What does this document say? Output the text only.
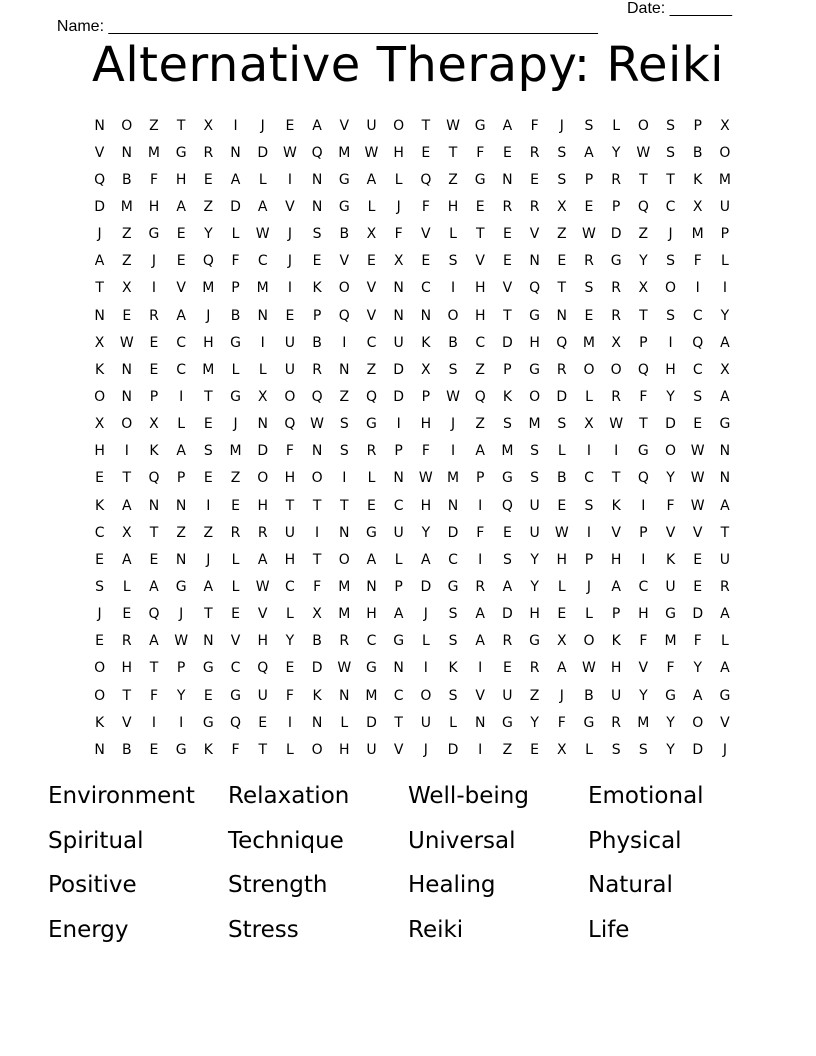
Name: _______________________________________________________

Date: _______

Alternative Therapy: Reiki
N	O	Z	T	X	I	J	E	A	V	U	O	T	W	G	A	F	J	S	L	O	S	P	X
V	N	M	G	R	N	D	W	Q	M	W	H	E	T	F	E	R	S	A	Y	W	S	B	O
Q	B	F	H	E	A	L	I	N	G	A	L	Q	Z	G	N	E	S	P	R	T	T	K	M
D	M	H	A	Z	D	A	V	N	G	L	J	F	H	E	R	R	X	E	P	Q	C	X	U
J	Z	G	E	Y	L	W	J	S	B	X	F	V	L	T	E	V	Z	W	D	Z	J	M	P
A	Z	J	E	Q	F	C	J	E	V	E	X	E	S	V	E	N	E	R	G	Y	S	F	L
T	X	I	V	M	P	M	I	K	O	V	N	C	I	H	V	Q	T	S	R	X	O	I	I
N	E	R	A	J	B	N	E	P	Q	V	N	N	O	H	T	G	N	E	R	T	S	C	Y
X	W	E	C	H	G	I	U	B	I	C	U	K	B	C	D	H	Q	M	X	P	I	Q	A
K	N	E	C	M	L	L	U	R	N	Z	D	X	S	Z	P	G	R	O	O	Q	H	C	X
O	N	P	I	T	G	X	O	Q	Z	Q	D	P	W	Q	K	O	D	L	R	F	Y	S	A
X	O	X	L	E	J	N	Q	W	S	G	I	H	J	Z	S	M	S	X	W	T	D	E	G
H	I	K	A	S	M	D	F	N	S	R	P	F	I	A	M	S	L	I	I	G	O	W	N
E	T	Q	P	E	Z	O	H	O	I	L	N	W	M	P	G	S	B	C	T	Q	Y	W	N
K	A	N	N	I	E	H	T	T	T	E	C	H	N	I	Q	U	E	S	K	I	F	W	A
C	X	T	Z	Z	R	R	U	I	N	G	U	Y	D	F	E	U	W	I	V	P	V	V	T
E	A	E	N	J	L	A	H	T	O	A	L	A	C	I	S	Y	H	P	H	I	K	E	U
S	L	A	G	A	L	W	C	F	M	N	P	D	G	R	A	Y	L	J	A	C	U	E	R
J	E	Q	J	T	E	V	L	X	M	H	A	J	S	A	D	H	E	L	P	H	G	D	A
E	R	A	W	N	V	H	Y	B	R	C	G	L	S	A	R	G	X	O	K	F	M	F	L
O	H	T	P	G	C	Q	E	D	W	G	N	I	K	I	E	R	A	W	H	V	F	Y	A
O	T	F	Y	E	G	U	F	K	N	M	C	O	S	V	U	Z	J	B	U	Y	G	A	G
K	V	I	I	G	Q	E	I	N	L	D	T	U	L	N	G	Y	F	G	R	M	Y	O	V
N	B	E	G	K	F	T	L	O	H	U	V	J	D	I	Z	E	X	L	S	S	Y	D	J
Environment	Relaxation	Well-being	Emotional
Spiritual	Technique	Universal	Physical
Positive	Strength	Healing	Natural
Energy	Stress	Reiki	Life
